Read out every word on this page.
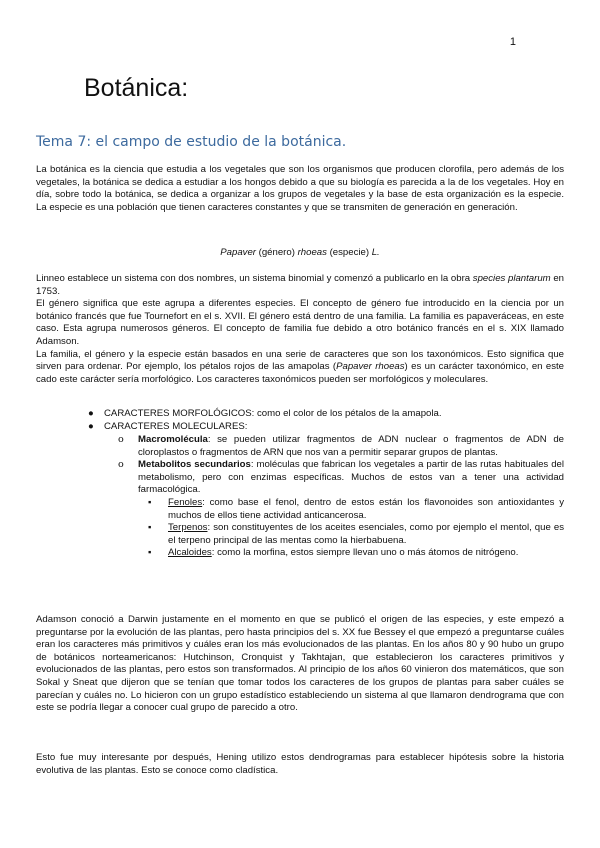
1
Botánica:
Tema 7: el campo de estudio de la botánica.

La botánica es la ciencia que estudia a los vegetales que son los organismos que producen clorofila, pero además de los vegetales, la botánica se dedica a estudiar a los hongos debido a que su biología es parecida a la de los vegetales. Hoy en día, sobre todo la botánica, se dedica a organizar a los grupos de vegetales y la base de esta organización es la especie. La especie es una población que tienen caracteres constantes y que se transmiten de generación en generación.

Papaver (género) rhoeas (especie) L.

Linneo establece un sistema con dos nombres, un sistema binomial y comenzó a publicarlo en la obra species plantarum en 1753.

El género significa que este agrupa a diferentes especies. El concepto de género fue introducido en la ciencia por un botánico francés que fue Tournefort en el s. XVII. El género está dentro de una familia. La familia es papaveráceas, en este caso. Esta agrupa numerosos géneros. El concepto de familia fue debido a otro botánico francés en el s. XIX llamado Adamson.

La familia, el género y la especie están basados en una serie de caracteres que son los taxonómicos. Esto significa que sirven para ordenar. Por ejemplo, los pétalos rojos de las amapolas (Papaver rhoeas) es un carácter taxonómico, en este cado este carácter sería morfológico. Los caracteres taxonómicos pueden ser morfológicos y moleculares.

● CARACTERES MORFOLÓGICOS: como el color de los pétalos de la amapola.
● CARACTERES MOLECULARES:
o Macromolécula: se pueden utilizar fragmentos de ADN nuclear o fragmentos de ADN de cloroplastos o fragmentos de ARN que nos van a permitir separar grupos de plantas.
o Metabolitos secundarios: moléculas que fabrican los vegetales a partir de las rutas habituales del metabolismo, pero con enzimas específicas. Muchos de estos van a tener una actividad farmacológica.
▪ Fenoles: como base el fenol, dentro de estos están los flavonoides son antioxidantes y muchos de ellos tiene actividad anticancerosa.
▪ Terpenos: son constituyentes de los aceites esenciales, como por ejemplo el mentol, que es el terpeno principal de las mentas como la hierbabuena.
▪ Alcaloides: como la morfina, estos siempre llevan uno o más átomos de nitrógeno.

Adamson conoció a Darwin justamente en el momento en que se publicó el origen de las especies, y este empezó a preguntarse por la evolución de las plantas, pero hasta principios del s. XX fue Bessey el que empezó a preguntarse cuáles eran los caracteres más primitivos y cuáles eran los más evolucionados de las plantas. En los años 80 y 90 hubo un grupo de botánicos norteamericanos: Hutchinson, Cronquist y Takhtajan, que establecieron los caracteres primitivos y evolucionados de las plantas, pero estos son transformados. Al principio de los años 60 vinieron dos matemáticos, que son Sokal y Sneat que dijeron que se tenían que tomar todos los caracteres de los grupos de plantas para saber cuáles se parecían y cuáles no. Lo hicieron con un grupo estadístico estableciendo un sistema al que llamaron dendrograma que con este se podría llegar a conocer cual grupo de parecido a otro.

Esto fue muy interesante por después, Hening utilizo estos dendrogramas para establecer hipótesis sobre la historia evolutiva de las plantas. Esto se conoce como cladística.
